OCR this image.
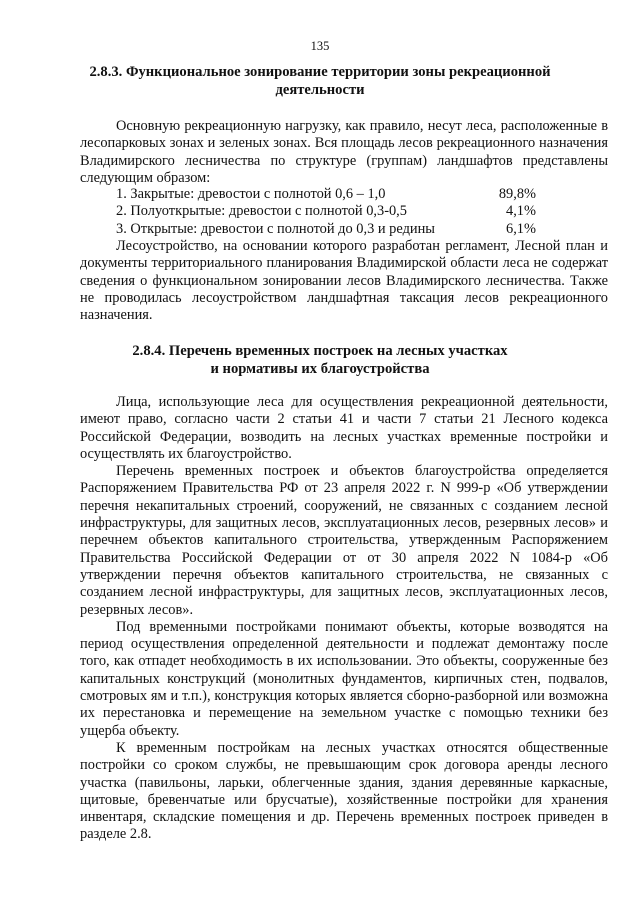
135
2.8.3. Функциональное зонирование территории зоны рекреационной
деятельности

Основную рекреационную нагрузку, как правило, несут леса, расположенные в лесопарковых зонах и зеленых зонах. Вся площадь лесов рекреационного назначения Владимирского лесничества по структуре (группам) ландшафтов представлены следующим образом:

1. Закрытые: древостои с полнотой 0,6 – 1,0	89,8%
2. Полуоткрытые: древостои с полнотой 0,3-0,5	4,1%
3. Открытые: древостои с полнотой до 0,3 и редины	6,1%

Лесоустройство, на основании которого разработан регламент, Лесной план и документы территориального планирования Владимирской области леса не содержат сведения о функциональном зонировании лесов Владимирского лесничества. Также не проводилась лесоустройством ландшафтная таксация лесов рекреационного назначения.

2.8.4. Перечень временных построек на лесных участках
и нормативы их благоустройства

Лица, использующие леса для осуществления рекреационной деятельности, имеют право, согласно части 2 статьи 41 и части 7 статьи 21 Лесного кодекса Российской Федерации, возводить на лесных участках временные постройки и осуществлять их благоустройство.

Перечень временных построек и объектов благоустройства определяется Распоряжением Правительства РФ от 23 апреля 2022 г. N 999-р «Об утверждении перечня некапитальных строений, сооружений, не связанных с созданием лесной инфраструктуры, для защитных лесов, эксплуатационных лесов, резервных лесов» и перечнем объектов капитального строительства, утвержденным Распоряжением Правительства Российской Федерации от от 30 апреля 2022 N 1084-р «Об утверждении перечня объектов капитального строительства, не связанных с созданием лесной инфраструктуры, для защитных лесов, эксплуатационных лесов, резервных лесов».

Под временными постройками понимают объекты, которые возводятся на период осуществления определенной деятельности и подлежат демонтажу после того, как отпадет необходимость в их использовании. Это объекты, сооруженные без капитальных конструкций (монолитных фундаментов, кирпичных стен, подвалов, смотровых ям и т.п.), конструкция которых является сборно-разборной или возможна их перестановка и перемещение на земельном участке с помощью техники без ущерба объекту.

К временным постройкам на лесных участках относятся общественные постройки со сроком службы, не превышающим срок договора аренды лесного участка (павильоны, ларьки, облегченные здания, здания деревянные каркасные, щитовые, бревенчатые или брусчатые), хозяйственные постройки для хранения инвентаря, складские помещения и др. Перечень временных построек приведен в разделе 2.8.
